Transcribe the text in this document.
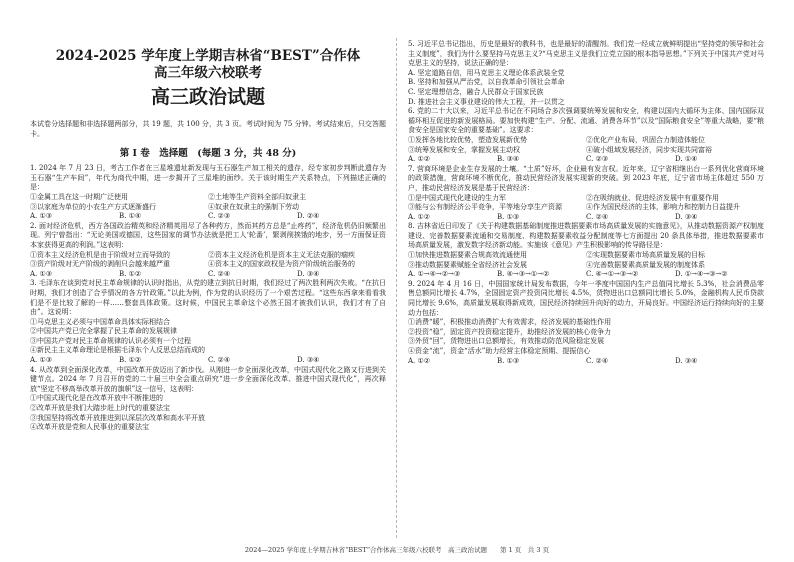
2024-2025 学年度上学期吉林省“BEST”合作体
高三年级六校联考
高三政治试题

本试卷分选择题和非选择题两部分，共 19 题，共 100 分，共 3 页。考试时间为 75 分钟。考试结束后，只交答题卡。

第 I 卷　选择题　(每题 3 分，共 48 分)

1. 2024 年 7 月 23 日，考古工作者在三星堆遗址新发现与玉石器生产加工相关的遗存，经专家初步判断此遗存为玉石器“生产车间”，年代为商代中期，进一步揭开了三星堆的面纱。关于该时期生产关系特点，下列描述正确的是：

①金属工具在这一时期广泛使用	②土地等生产资料全部归奴隶主
③以家庭为单位的小农生产方式逐渐盛行	④奴隶在奴隶主的强制下劳动
A. ①③	B. ①④	C. ②③	D. ②④

2. 面对经济危机，西方各国政治精英和经济精英用尽了各种药方，然而其药方总是“止疼药”，经济危机仍旧频繁出现。列宁曾指出：“无论美国或德国，这些国家的调节办法就是把工人‘轮番’，繁剥削挨饿的地步，另一方面保证资本家获得更高的利润。”这表明：

①资本主义经济危机是由于阶级对立而导致的	②资本主义经济危机是资本主义无法克服的痼疾
③资产阶级对无产阶级的剥削只会越来越严重	④资本主义的国家政权是为资产阶级统治服务的
A. ①③	B. ①②	C. ②④	D. ③④

3. 毛泽东在谈到党对民主革命规律的认识时指出，从党的建立到抗日时期，我们经过了两次胜利两次失败。“在抗日时期，我们才创造了合乎情况的各方针政策。”以此为例，作为党的认识经历了一个艰苦过程。“这些东西拿来看看我们是不是比较了解的一样……整套具体政策。这时候，中国民主革命这个必然王国才被我们认识，我们才有了自由”。这说明：

①马克思主义必须与中国革命具体实际相结合
②中国共产党已完全掌握了民主革命的发展规律
③中国共产党对民主革命规律的认识必须有一个过程
④新民主主义革命理论是根据毛泽东个人反思总结而成的
A. ①③	B. ①②	C. ②④	D. ③④

4. 从改革到全面深化改革，中国改革开放迈出了新步伐。从刚进一步全面深化改革，中国式现代化之路又行进到关键节点。2024 年 7 月召开的党的二十届三中全会重点研究“进一步全面深化改革、推进中国式现代化”，再次释放“坚定不移高举改革开放的旗帜”这一信号，这表明：

①中国式现代化是在改革开放中不断推进的
②改革开放是我们大踏步赶上时代的重要法宝
③我国坚持将改革开放推进到以深层次改革和高水平开放
④改革开放是党和人民事业的重要法宝

5. 习近平总书记指出，历史是最好的教科书，也是最好的清醒剂。我们党一经成立就鲜明提出“坚持党的领导和社会主义制度”，我们为什么要坚持马克思主义?“马克思主义是我们立党立国的根本指导思想。”下列关于中国共产党对马克思主义的坚持，说法正确的是：

A. 坚定道路自信，用马克思主义理论体系武装全党
B. 坚持和加强从严治党，以自我革命引领社会革命
C. 坚定理想信念，融合人民群众于国家民族
D. 推进社会主义事业建设的伟大工程，并一以贯之

6. 党的二十大以来，习近平总书记在不同场合多次强调要统筹发展和安全，构建以国内大循环为主体、国内国际双循环相互促进的新发展格局。要加快构建“生产、分配、流通、消费各环节”以及“国际粮食安全”等重大战略，要“粮食安全是国家安全的重要基础”。这要求：

①发挥各地比较优势，塑造发展新优势	②优化产业布局，巩固合力制造体能位
③统筹发展和安全，掌握发展主动权	④破小组域发展经济，同步实现共同富裕
A. ①②	B. ③④	C. ②③	D. ①④

7. 营商环境是企业生存发展的土壤。“土质”好坏，企业最有发言权。近年来，辽宁省相继出台一系列优化营商环境的政策措施，营商环境不断优化，推动民营经济发展实现新的突破。到 2023 年底，辽宁省市场主体超过 550 万户，推动民营经济发展是基于民营经济：

①是中国式现代化建设的生力军	②在吸纳就业、促进经济发展中有重要作用
③能与公有制经济公平竞争，平等地分享生产资源	④作为国民经济的主体，影响力和控制力日益提升
A. ①②	B. ①③	C. ②④	D. ③④

8. 吉林省近日印发了《关于构建数据基础制度推进数据要素市场高质量发展的实施意见》，从推动数据资源产权制度建设、完善数据要素流通和交易制度、构建数据要素收益分配制度等七方面提出 20 条具体举措，推进数据要素市场高质量发展，激发数字经济新动能。实施该《意见》产生积极影响的传导路径是：

①加快推进数据要素合规高效流通使用	②实现数据要素市场高质量发展的目标
③推动数据要素赋能全省经济社会发展	④完善数据要素高质量发展的制度体系
A. ①→④→②→③	B. ④→③→①→②	C. ④→①→③→②	D. ①→④→③→②

9. 2024 年 4 月 16 日，中国国家统计局发布数据，今年一季度中国国内生产总值同比增长 5.3%，社会消费品零售总额同比增长 4.7%，全国固定资产投资同比增长 4.5%，货物进出口总额同比增长 5.0%，金融机构人民币贷款同比增长 9.6%，高质量发展取得新成效，国民经济持续回升向好的动力，开局良好。中国经济运行持续向好的主要动力包括：

①消费“暖”，积极推动消费扩大有效需求，经济发展的基础性作用
②投资“稳”，固定资产投资稳定提升，助推经济发展的核心竞争力
③外贸“回”，货物进出口总额增长，有效推动防范风险稳定发展
④资金“流”，资金“活水”助力经营主体稳定预期、提振信心
A. ①②	B. ①③	C. ②④	D. ③④
2024—2025 学年度上学期吉林省“BEST”合作体高三年级六校联考　高三政治试题　　第 1 页　共 3 页
